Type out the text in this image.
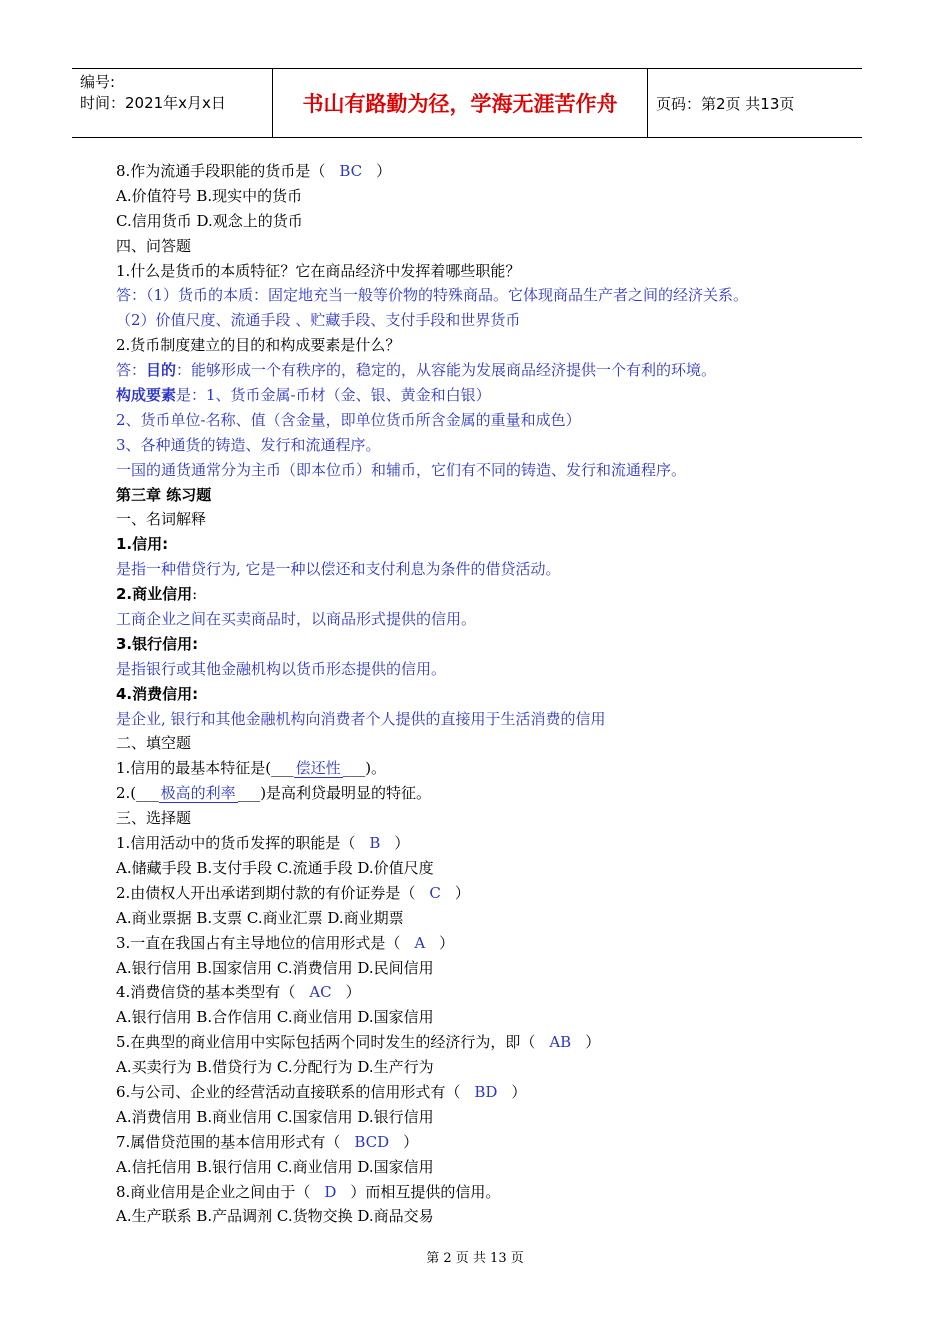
编号:
时间：2021年x月x日	书山有路勤为径，学海无涯苦作舟	页码：第2页 共13页
8.作为流通手段职能的货币是（ BC ）
A.价值符号 B.现实中的货币
C.信用货币 D.观念上的货币
四、问答题
1.什么是货币的本质特征？它在商品经济中发挥着哪些职能？
答：（1）货币的本质：固定地充当一般等价物的特殊商品。它体现商品生产者之间的经济关系。
（2）价值尺度、流通手段 、贮藏手段、支付手段和世界货币
2.货币制度建立的目的和构成要素是什么？
答：目的：能够形成一个有秩序的，稳定的，从容能为发展商品经济提供一个有利的环境。
构成要素是：1、货币金属-币材（金、银、黄金和白银）
2、货币单位-名称、值（含金量，即单位货币所含金属的重量和成色）
3、各种通货的铸造、发行和流通程序。
一国的通货通常分为主币（即本位币）和辅币，它们有不同的铸造、发行和流通程序。
第三章 练习题
一、名词解释
1.信用:
是指一种借贷行为, 它是一种以偿还和支付利息为条件的借贷活动。
2.商业信用:
工商企业之间在买卖商品时，以商品形式提供的信用。
3.银行信用:
是指银行或其他金融机构以货币形态提供的信用。
4.消费信用:
是企业, 银行和其他金融机构向消费者个人提供的直接用于生活消费的信用
二、填空题
1.信用的最基本特征是(___ 偿还性 ___)。
2.(___ 极高的利率 ___)是高利贷最明显的特征。
三、选择题
1.信用活动中的货币发挥的职能是（ B ）
A.储藏手段 B.支付手段 C.流通手段 D.价值尺度
2.由债权人开出承诺到期付款的有价证券是（ C ）
A.商业票据 B.支票 C.商业汇票 D.商业期票
3.一直在我国占有主导地位的信用形式是（ A ）
A.银行信用 B.国家信用 C.消费信用 D.民间信用
4.消费信贷的基本类型有（ AC ）
A.银行信用 B.合作信用 C.商业信用 D.国家信用
5.在典型的商业信用中实际包括两个同时发生的经济行为，即（ AB ）
A.买卖行为 B.借贷行为 C.分配行为 D.生产行为
6.与公司、企业的经营活动直接联系的信用形式有（ BD ）
A.消费信用 B.商业信用 C.国家信用 D.银行信用
7.属借贷范围的基本信用形式有（ BCD ）
A.信托信用 B.银行信用 C.商业信用 D.国家信用
8.商业信用是企业之间由于（ D ）而相互提供的信用。
A.生产联系 B.产品调剂 C.货物交换 D.商品交易
第 2 页 共 13 页
